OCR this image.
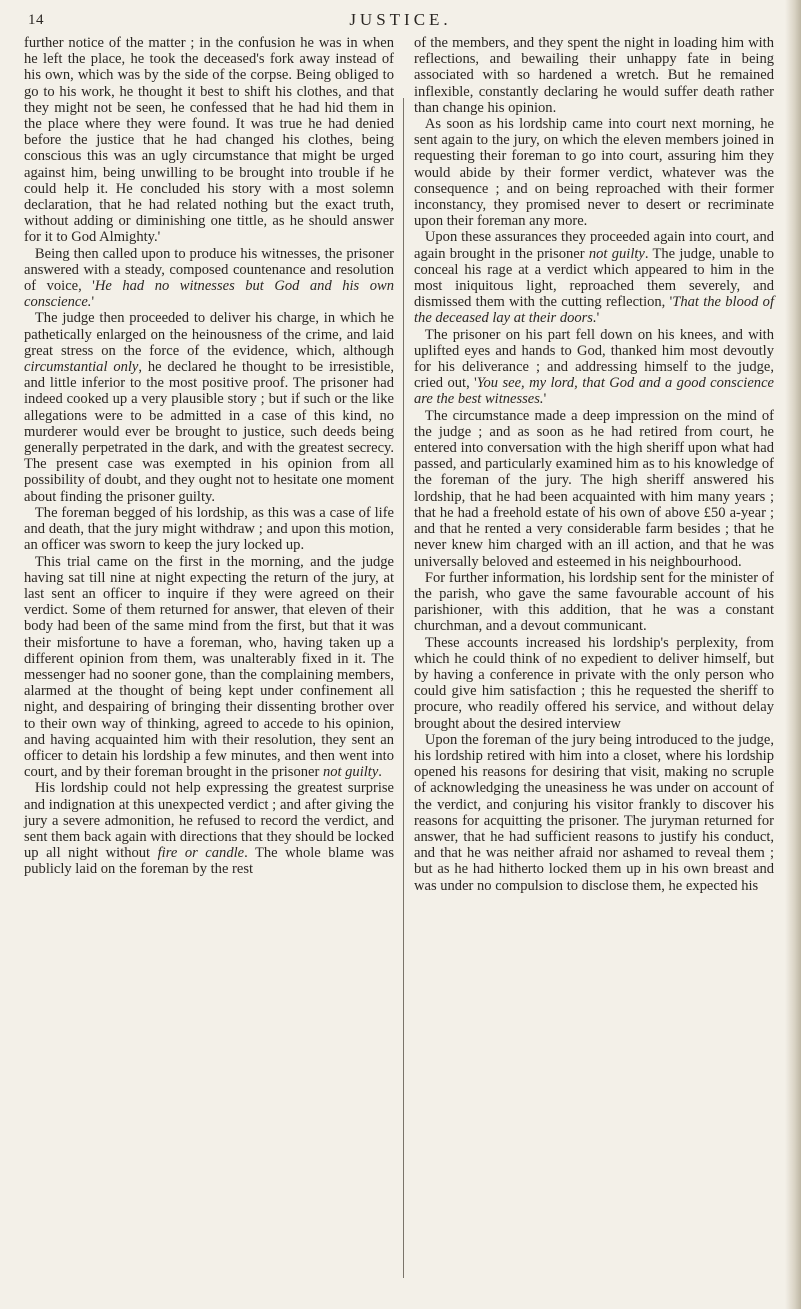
14	JUSTICE.

further notice of the matter ; in the confusion he was in when he left the place, he took the deceased's fork away instead of his own, which was by the side of the corpse. Being obliged to go to his work, he thought it best to shift his clothes, and that they might not be seen, he confessed that he had hid them in the place where they were found. It was true he had denied before the justice that he had changed his clothes, being conscious this was an ugly circumstance that might be urged against him, being unwilling to be brought into trouble if he could help it. He concluded his story with a most solemn declaration, that he had related nothing but the exact truth, without adding or diminishing one tittle, as he should answer for it to God Almighty.'

Being then called upon to produce his witnesses, the prisoner answered with a steady, composed countenance and resolution of voice, 'He had no witnesses but God and his own conscience.'

The judge then proceeded to deliver his charge, in which he pathetically enlarged on the heinousness of the crime, and laid great stress on the force of the evidence, which, although circumstantial only, he declared he thought to be irresistible, and little inferior to the most positive proof. The prisoner had indeed cooked up a very plausible story ; but if such or the like allegations were to be admitted in a case of this kind, no murderer would ever be brought to justice, such deeds being generally perpetrated in the dark, and with the greatest secrecy. The present case was exempted in his opinion from all possibility of doubt, and they ought not to hesitate one moment about finding the prisoner guilty.

The foreman begged of his lordship, as this was a case of life and death, that the jury might withdraw ; and upon this motion, an officer was sworn to keep the jury locked up.

This trial came on the first in the morning, and the judge having sat till nine at night expecting the return of the jury, at last sent an officer to inquire if they were agreed on their verdict. Some of them returned for answer, that eleven of their body had been of the same mind from the first, but that it was their misfortune to have a foreman, who, having taken up a different opinion from them, was unalterably fixed in it. The messenger had no sooner gone, than the complaining members, alarmed at the thought of being kept under confinement all night, and despairing of bringing their dissenting brother over to their own way of thinking, agreed to accede to his opinion, and having acquainted him with their resolution, they sent an officer to detain his lordship a few minutes, and then went into court, and by their foreman brought in the prisoner not guilty.

His lordship could not help expressing the greatest surprise and indignation at this unexpected verdict ; and after giving the jury a severe admonition, he refused to record the verdict, and sent them back again with directions that they should be locked up all night without fire or candle. The whole blame was publicly laid on the foreman by the rest

of the members, and they spent the night in loading him with reflections, and bewailing their unhappy fate in being associated with so hardened a wretch. But he remained inflexible, constantly declaring he would suffer death rather than change his opinion.

As soon as his lordship came into court next morning, he sent again to the jury, on which the eleven members joined in requesting their foreman to go into court, assuring him they would abide by their former verdict, whatever was the consequence ; and on being reproached with their former inconstancy, they promised never to desert or recriminate upon their foreman any more.

Upon these assurances they proceeded again into court, and again brought in the prisoner not guilty. The judge, unable to conceal his rage at a verdict which appeared to him in the most iniquitous light, reproached them severely, and dismissed them with the cutting reflection, 'That the blood of the deceased lay at their doors.'

The prisoner on his part fell down on his knees, and with uplifted eyes and hands to God, thanked him most devoutly for his deliverance ; and addressing himself to the judge, cried out, 'You see, my lord, that God and a good conscience are the best witnesses.'

The circumstance made a deep impression on the mind of the judge ; and as soon as he had retired from court, he entered into conversation with the high sheriff upon what had passed, and particularly examined him as to his knowledge of the foreman of the jury. The high sheriff answered his lordship, that he had been acquainted with him many years ; that he had a freehold estate of his own of above £50 a-year ; and that he rented a very considerable farm besides ; that he never knew him charged with an ill action, and that he was universally beloved and esteemed in his neighbourhood.

For further information, his lordship sent for the minister of the parish, who gave the same favourable account of his parishioner, with this addition, that he was a constant churchman, and a devout communicant.

These accounts increased his lordship's perplexity, from which he could think of no expedient to deliver himself, but by having a conference in private with the only person who could give him satisfaction ; this he requested the sheriff to procure, who readily offered his service, and without delay brought about the desired interview

Upon the foreman of the jury being introduced to the judge, his lordship retired with him into a closet, where his lordship opened his reasons for desiring that visit, making no scruple of acknowledging the uneasiness he was under on account of the verdict, and conjuring his visitor frankly to discover his reasons for acquitting the prisoner. The juryman returned for answer, that he had sufficient reasons to justify his conduct, and that he was neither afraid nor ashamed to reveal them ; but as he had hitherto locked them up in his own breast and was under no compulsion to disclose them, he expected his
